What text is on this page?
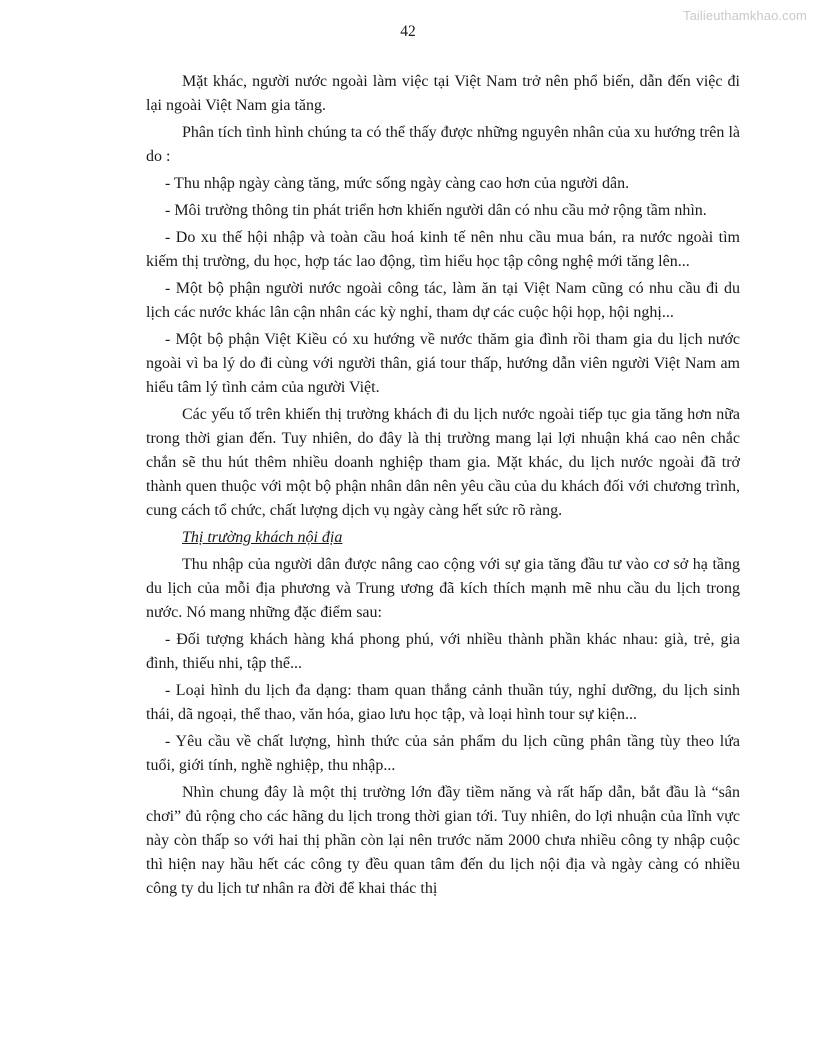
Tailieuthamkhao.com
42

Mặt khác, người nước ngoài làm việc tại Việt Nam trở nên phổ biến, dẫn đến việc đi lại ngoài Việt Nam gia tăng.

Phân tích tình hình chúng ta có thể thấy được những nguyên nhân của xu hướng trên là do :

- Thu nhập ngày càng tăng, mức sống ngày càng cao hơn của người dân.

- Môi trường thông tin phát triển hơn khiến người dân có nhu cầu mở rộng tầm nhìn.

- Do xu thế hội nhập và toàn cầu hoá kinh tế nên nhu cầu mua bán, ra nước ngoài tìm kiếm thị trường, du học, hợp tác lao động, tìm hiểu học tập công nghệ mới tăng lên...

- Một bộ phận người nước ngoài công tác, làm ăn tại Việt Nam cũng có nhu cầu đi du lịch các nước khác lân cận nhân các kỳ nghỉ, tham dự các cuộc hội họp, hội nghị...

- Một bộ phận Việt Kiều có xu hướng về nước thăm gia đình rồi tham gia du lịch nước ngoài vì ba lý do đi cùng với người thân, giá tour thấp, hướng dẫn viên người Việt Nam am hiểu tâm lý tình cảm của người Việt.

Các yếu tố trên khiến thị trường khách đi du lịch nước ngoài tiếp tục gia tăng hơn nữa trong thời gian đến. Tuy nhiên, do đây là thị trường mang lại lợi nhuận khá cao nên chắc chắn sẽ thu hút thêm nhiều doanh nghiệp tham gia. Mặt khác, du lịch nước ngoài đã trở thành quen thuộc với một bộ phận nhân dân nên yêu cầu của du khách đối với chương trình, cung cách tổ chức, chất lượng dịch vụ ngày càng hết sức rõ ràng.

Thị trường khách nội địa

Thu nhập của người dân được nâng cao cộng với sự gia tăng đầu tư vào cơ sở hạ tầng du lịch của mỗi địa phương và Trung ương đã kích thích mạnh mẽ nhu cầu du lịch trong nước. Nó mang những đặc điểm sau:

- Đối tượng khách hàng khá phong phú, với nhiều thành phần khác nhau: già, trẻ, gia đình, thiếu nhi, tập thể...

- Loại hình du lịch đa dạng: tham quan thắng cảnh thuần túy, nghỉ dưỡng, du lịch sinh thái, dã ngoại, thể thao, văn hóa, giao lưu học tập, và loại hình tour sự kiện...

- Yêu cầu về chất lượng, hình thức của sản phẩm du lịch cũng phân tầng tùy theo lứa tuổi, giới tính, nghề nghiệp, thu nhập...

Nhìn chung đây là một thị trường lớn đầy tiềm năng và rất hấp dẫn, bắt đầu là “sân chơi” đủ rộng cho các hãng du lịch trong thời gian tới. Tuy nhiên, do lợi nhuận của lĩnh vực này còn thấp so với hai thị phần còn lại nên trước năm 2000 chưa nhiều công ty nhập cuộc thì hiện nay hầu hết các công ty đều quan tâm đến du lịch nội địa và ngày càng có nhiều công ty du lịch tư nhân ra đời để khai thác thị
